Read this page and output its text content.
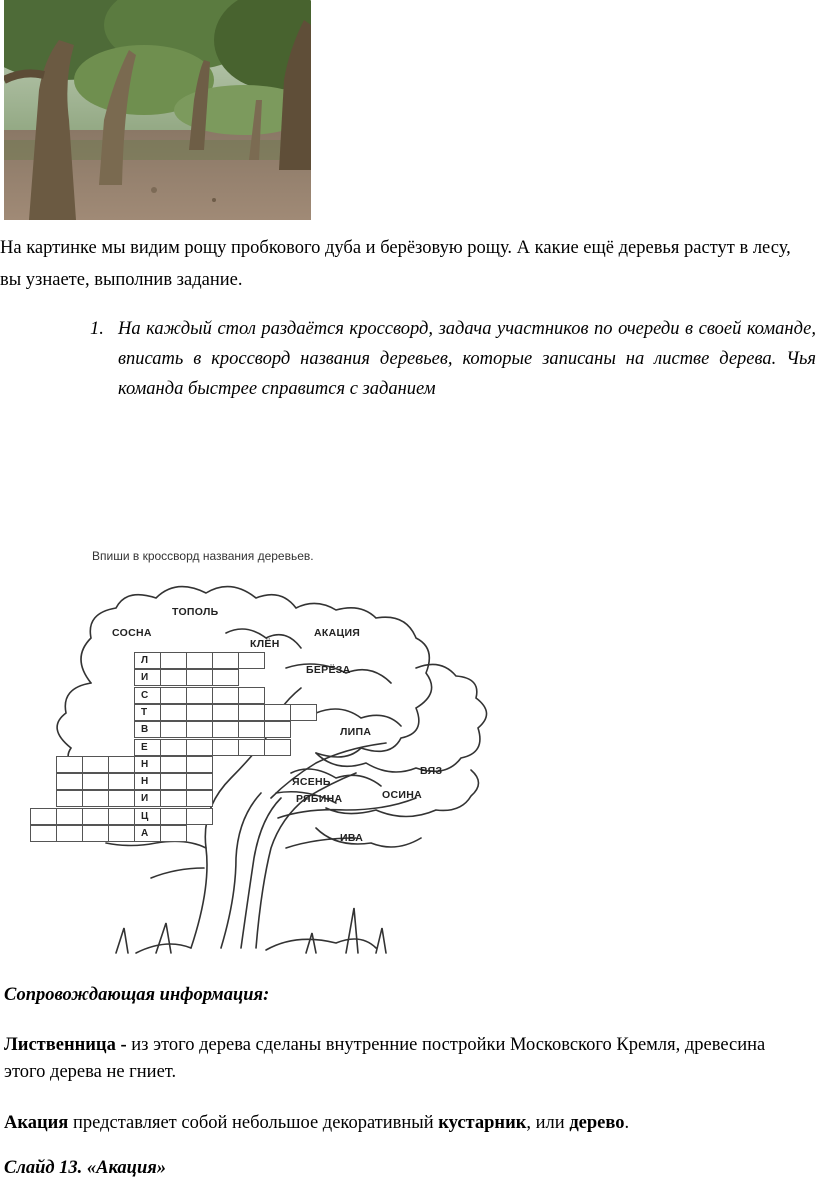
На картинке мы видим рощу пробкового дуба и берёзовую рощу. А какие ещё деревья растут в лесу, вы узнаете, выполнив задание.
1. На каждый стол раздаётся кроссворд, задача участников по очереди в своей команде, вписать в кроссворд названия деревьев, которые записаны на листве дерева. Чья команда быстрее справится с заданием
Впиши в кроссворд названия деревьев.
ТОПОЛЬ
СОСНА
КЛЁН
АКАЦИЯ
БЕРЁЗА
ЛИПА
ВЯЗ
ЯСЕНЬ
РЯБИНА	ОСИНА
ИВА
Л
И
С
Т
В
Е
Н
Н
И
Ц
А
Сопровождающая информация:
Лиственница - из этого дерева сделаны внутренние постройки Московского Кремля, древесина этого дерева не гниет.
Акация представляет собой небольшое декоративный кустарник, или дерево.
Слайд 13. «Акация»
